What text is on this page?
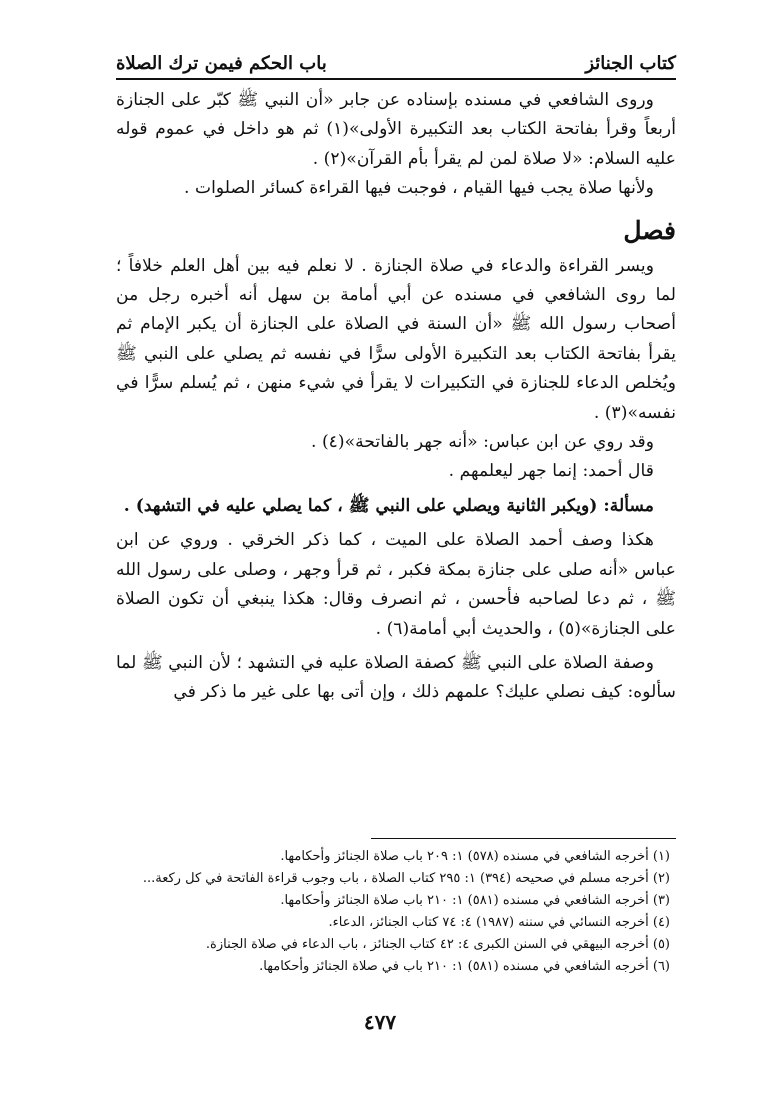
كتاب الجنائز
باب الحكم فيمن ترك الصلاة

وروى الشافعي في مسنده بإسناده عن جابر «أن النبي ﷺ كبّر على الجنازة أربعاً وقرأ بفاتحة الكتاب بعد التكبيرة الأولى»(١) ثم هو داخل في عموم قوله عليه السلام: «لا صلاة لمن لم يقرأ بأم القرآن»(٢) .

ولأنها صلاة يجب فيها القيام ، فوجبت فيها القراءة كسائر الصلوات .

فصل

ويسر القراءة والدعاء في صلاة الجنازة . لا نعلم فيه بين أهل العلم خلافاً ؛ لما روى الشافعي في مسنده عن أبي أمامة بن سهل أنه أخبره رجل من أصحاب رسول الله ﷺ «أن السنة في الصلاة على الجنازة أن يكبر الإمام ثم يقرأ بفاتحة الكتاب بعد التكبيرة الأولى سرًّا في نفسه ثم يصلي على النبي ﷺ ويُخلص الدعاء للجنازة في التكبيرات لا يقرأ في شيء منهن ، ثم يُسلم سرًّا في نفسه»(٣) .

وقد روي عن ابن عباس: «أنه جهر بالفاتحة»(٤) .

قال أحمد: إنما جهر ليعلمهم .

مسألة: (ويكبر الثانية ويصلي على النبي ﷺ ، كما يصلي عليه في التشهد) .

هكذا وصف أحمد الصلاة على الميت ، كما ذكر الخرقي . وروي عن ابن عباس «أنه صلى على جنازة بمكة فكبر ، ثم قرأ وجهر ، وصلى على رسول الله ﷺ ، ثم دعا لصاحبه فأحسن ، ثم انصرف وقال: هكذا ينبغي أن تكون الصلاة على الجنازة»(٥) ، والحديث أبي أمامة(٦) .

وصفة الصلاة على النبي ﷺ كصفة الصلاة عليه في التشهد ؛ لأن النبي ﷺ لما سألوه: كيف نصلي عليك؟ علمهم ذلك ، وإن أتى بها على غير ما ذكر في

(١) أخرجه الشافعي في مسنده (٥٧٨) ١: ٢٠٩ باب صلاة الجنائز وأحكامها.
(٢) أخرجه مسلم في صحيحه (٣٩٤) ١: ٢٩٥ كتاب الصلاة ، باب وجوب قراءة الفاتحة في كل ركعة...
(٣) أخرجه الشافعي في مسنده (٥٨١) ١: ٢١٠ باب صلاة الجنائز وأحكامها.
(٤) أخرجه النسائي في سننه (١٩٨٧) ٤: ٧٤ كتاب الجنائز، الدعاء.
(٥) أخرجه البيهقي في السنن الكبرى ٤: ٤٢ كتاب الجنائز ، باب الدعاء في صلاة الجنازة.
(٦) أخرجه الشافعي في مسنده (٥٨١) ١: ٢١٠ باب في صلاة الجنائز وأحكامها.
٤٧٧
